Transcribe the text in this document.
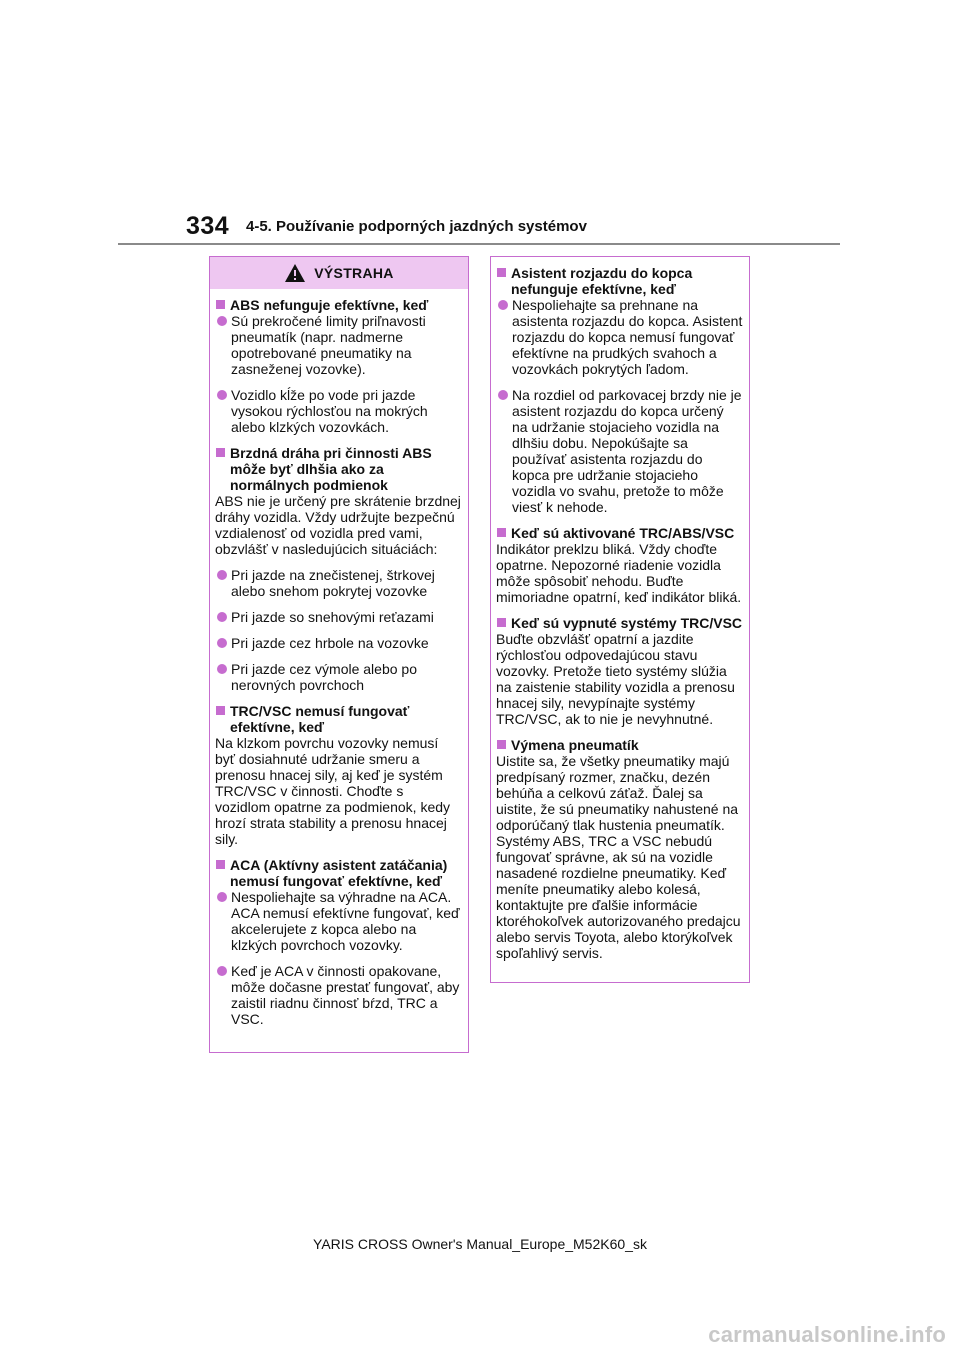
334 4-5. Používanie podporných jazdných systémov
VÝSTRAHA
ABS nefunguje efektívne, keď
Sú prekročené limity priľnavosti pneumatík (napr. nadmerne opotrebované pneumatiky na zasneženej vozovke).
Vozidlo kĺže po vode pri jazde vysokou rýchlosťou na mokrých alebo klzkých vozovkách.
Brzdná dráha pri činnosti ABS môže byť dlhšia ako za normálnych podmienok
ABS nie je určený pre skrátenie brzdnej dráhy vozidla. Vždy udržujte bezpečnú vzdialenosť od vozidla pred vami, obzvlášť v nasledujúcich situáciách:
Pri jazde na znečistenej, štrkovej alebo snehom pokrytej vozovke
Pri jazde so snehovými reťazami
Pri jazde cez hrbole na vozovke
Pri jazde cez výmole alebo po nerovných povrchoch
TRC/VSC nemusí fungovať efektívne, keď
Na klzkom povrchu vozovky nemusí byť dosiahnuté udržanie smeru a prenosu hnacej sily, aj keď je systém TRC/VSC v činnosti. Choďte s vozidlom opatrne za podmienok, kedy hrozí strata stability a prenosu hnacej sily.
ACA (Aktívny asistent zatáčania) nemusí fungovať efektívne, keď
Nespoliehajte sa výhradne na ACA. ACA nemusí efektívne fungovať, keď akcelerujete z kopca alebo na klzkých povrchoch vozovky.
Keď je ACA v činnosti opakovane, môže dočasne prestať fungovať, aby zaistil riadnu činnosť bŕzd, TRC a VSC.
Asistent rozjazdu do kopca nefunguje efektívne, keď
Nespoliehajte sa prehnane na asistenta rozjazdu do kopca. Asistent rozjazdu do kopca nemusí fungovať efektívne na prudkých svahoch a vozovkách pokrytých ľadom.
Na rozdiel od parkovacej brzdy nie je asistent rozjazdu do kopca určený na udržanie stojacieho vozidla na dlhšiu dobu. Nepokúšajte sa používať asistenta rozjazdu do kopca pre udržanie stojacieho vozidla vo svahu, pretože to môže viesť k nehode.
Keď sú aktivované TRC/ABS/VSC
Indikátor preklzu bliká. Vždy choďte opatrne. Nepozorné riadenie vozidla môže spôsobiť nehodu. Buďte mimoriadne opatrní, keď indikátor bliká.
Keď sú vypnuté systémy TRC/VSC
Buďte obzvlášť opatrní a jazdite rýchlosťou odpovedajúcou stavu vozovky. Pretože tieto systémy slúžia na zaistenie stability vozidla a prenosu hnacej sily, nevypínajte systémy TRC/VSC, ak to nie je nevyhnutné.
Výmena pneumatík
Uistite sa, že všetky pneumatiky majú predpísaný rozmer, značku, dezén behúňa a celkovú záťaž. Ďalej sa uistite, že sú pneumatiky nahustené na odporúčaný tlak hustenia pneumatík. Systémy ABS, TRC a VSC nebudú fungovať správne, ak sú na vozidle nasadené rozdielne pneumatiky. Keď meníte pneumatiky alebo kolesá, kontaktujte pre ďalšie informácie ktoréhokoľvek autorizovaného predajcu alebo servis Toyota, alebo ktorýkoľvek spoľahlivý servis.
YARIS CROSS Owner's Manual_Europe_M52K60_sk
carmanualsonline.info
